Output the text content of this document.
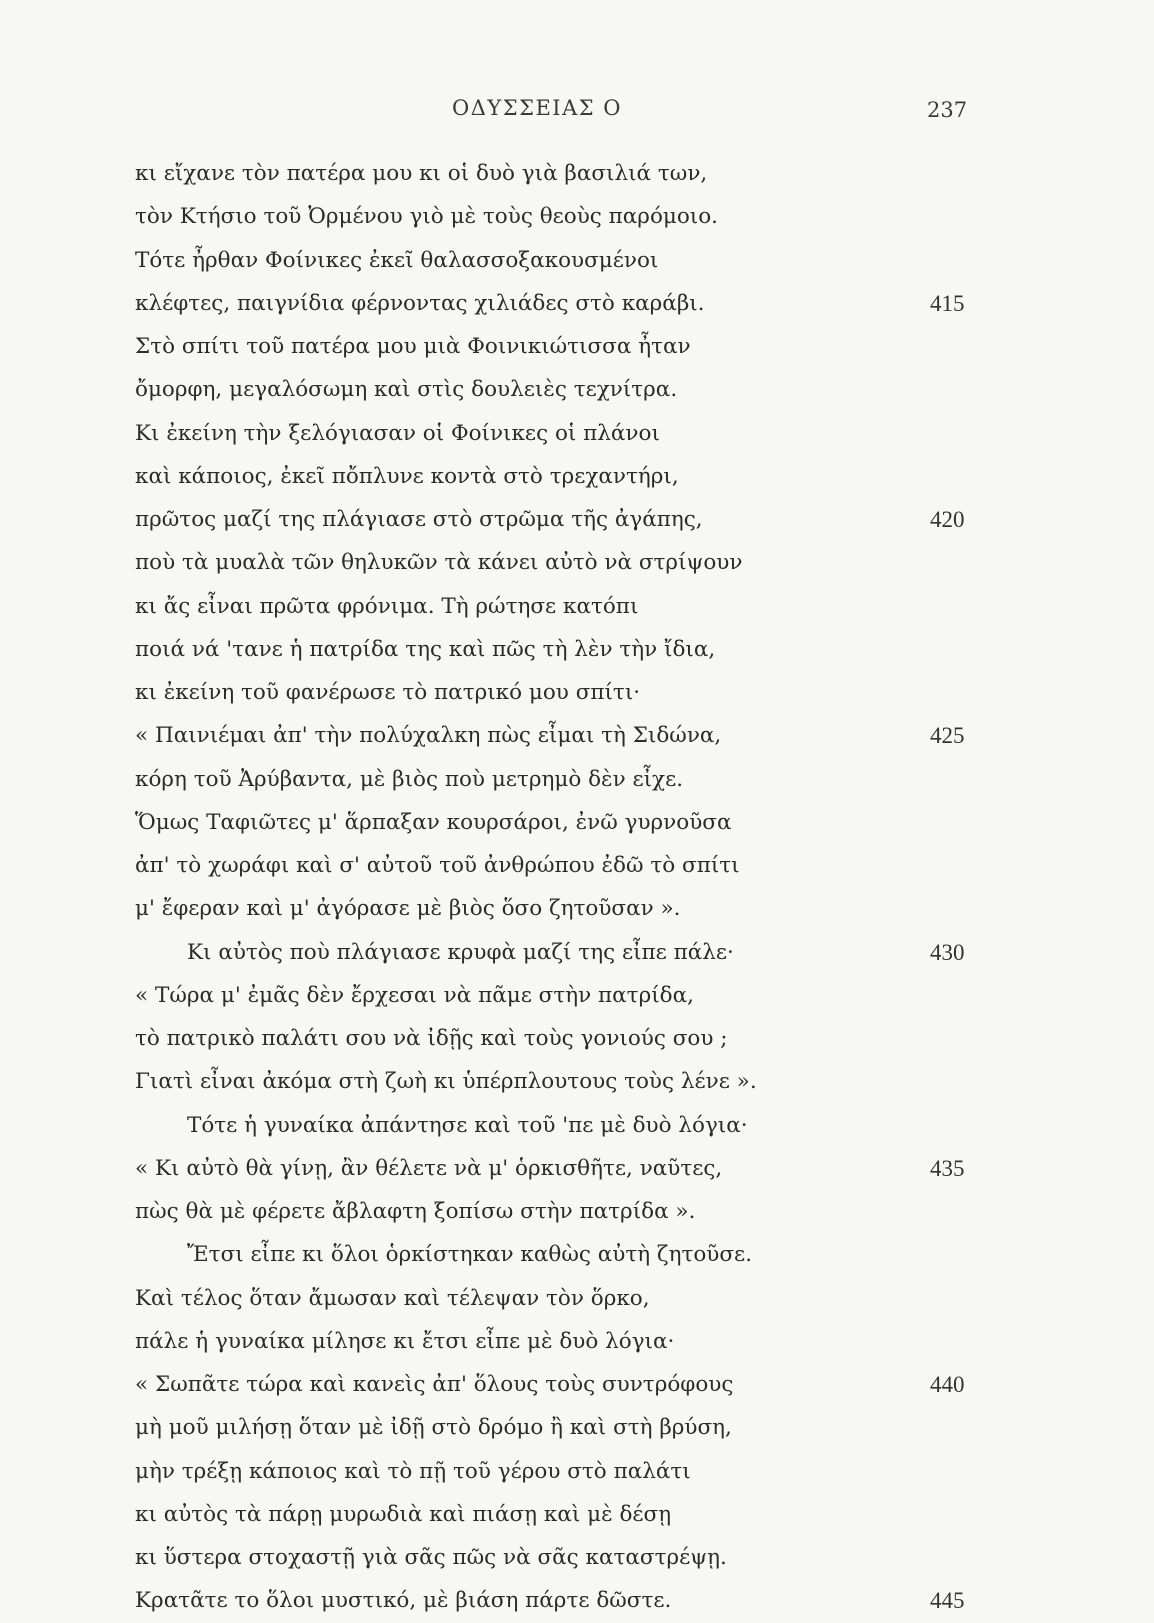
ΟΔΥΣΣΕΙΑΣ Ο	237
κι εἴχανε τὸν πατέρα μου κι οἱ δυὸ γιὰ βασιλιά των,
τὸν Κτήσιο τοῦ Ὀρμένου γιὸ μὲ τοὺς θεοὺς παρόμοιο.
Τότε ἦρθαν Φοίνικες ἐκεῖ θαλασσοξακουσμένοι
κλέφτες, παιγνίδια φέρνοντας χιλιάδες στὸ καράβι.	415
Στὸ σπίτι τοῦ πατέρα μου μιὰ Φοινικιώτισσα ἦταν
ὄμορφη, μεγαλόσωμη καὶ στὶς δουλειὲς τεχνίτρα.
Κι ἐκείνη τὴν ξελόγιασαν οἱ Φοίνικες οἱ πλάνοι
καὶ κάποιος, ἐκεῖ πὄπλυνε κοντὰ στὸ τρεχαντήρι,
πρῶτος μαζί της πλάγιασε στὸ στρῶμα τῆς ἀγάπης,	420
ποὺ τὰ μυαλὰ τῶν θηλυκῶν τὰ κάνει αὐτὸ νὰ στρίψουν
κι ἄς εἶναι πρῶτα φρόνιμα. Τὴ ρώτησε κατόπι
ποιά νά 'τανε ἡ πατρίδα της καὶ πῶς τὴ λὲν τὴν ἴδια,
κι ἐκείνη τοῦ φανέρωσε τὸ πατρικό μου σπίτι·
« Παινιέμαι ἀπ' τὴν πολύχαλκη πὼς εἶμαι τὴ Σιδώνα,	425
κόρη τοῦ Ἀρύβαντα, μὲ βιὸς ποὺ μετρημὸ δὲν εἶχε.
Ὅμως Ταφιῶτες μ' ἅρπαξαν κουρσάροι, ἐνῶ γυρνοῦσα
ἀπ' τὸ χωράφι καὶ σ' αὐτοῦ τοῦ ἀνθρώπου ἐδῶ τὸ σπίτι
μ' ἔφεραν καὶ μ' ἀγόρασε μὲ βιὸς ὅσο ζητοῦσαν ».
Κι αὐτὸς ποὺ πλάγιασε κρυφὰ μαζί της εἶπε πάλε·	430
« Τώρα μ' ἐμᾶς δὲν ἔρχεσαι νὰ πᾶμε στὴν πατρίδα,
τὸ πατρικὸ παλάτι σου νὰ ἰδῇς καὶ τοὺς γονιούς σου ;
Γιατὶ εἶναι ἀκόμα στὴ ζωὴ κι ὑπέρπλουτους τοὺς λένε ».
Τότε ἡ γυναίκα ἀπάντησε καὶ τοῦ 'πε μὲ δυὸ λόγια·
« Κι αὐτὸ θὰ γίνῃ, ἂν θέλετε νὰ μ' ὁρκισθῆτε, ναῦτες,	435
πὼς θὰ μὲ φέρετε ἄβλαφτη ξοπίσω στὴν πατρίδα ».
Ἔτσι εἶπε κι ὅλοι ὁρκίστηκαν καθὼς αὐτὴ ζητοῦσε.
Καὶ τέλος ὅταν ἄμωσαν καὶ τέλεψαν τὸν ὅρκο,
πάλε ἡ γυναίκα μίλησε κι ἔτσι εἶπε μὲ δυὸ λόγια·
« Σωπᾶτε τώρα καὶ κανεὶς ἀπ' ὅλους τοὺς συντρόφους	440
μὴ μοῦ μιλήσῃ ὅταν μὲ ἰδῇ στὸ δρόμο ἢ καὶ στὴ βρύση,
μὴν τρέξῃ κάποιος καὶ τὸ πῇ τοῦ γέρου στὸ παλάτι
κι αὐτὸς τὰ πάρῃ μυρωδιὰ καὶ πιάσῃ καὶ μὲ δέσῃ
κι ὕστερα στοχαστῇ γιὰ σᾶς πῶς νὰ σᾶς καταστρέψῃ.
Κρατᾶτε το ὅλοι μυστικό, μὲ βιάση πάρτε δῶστε.	445
